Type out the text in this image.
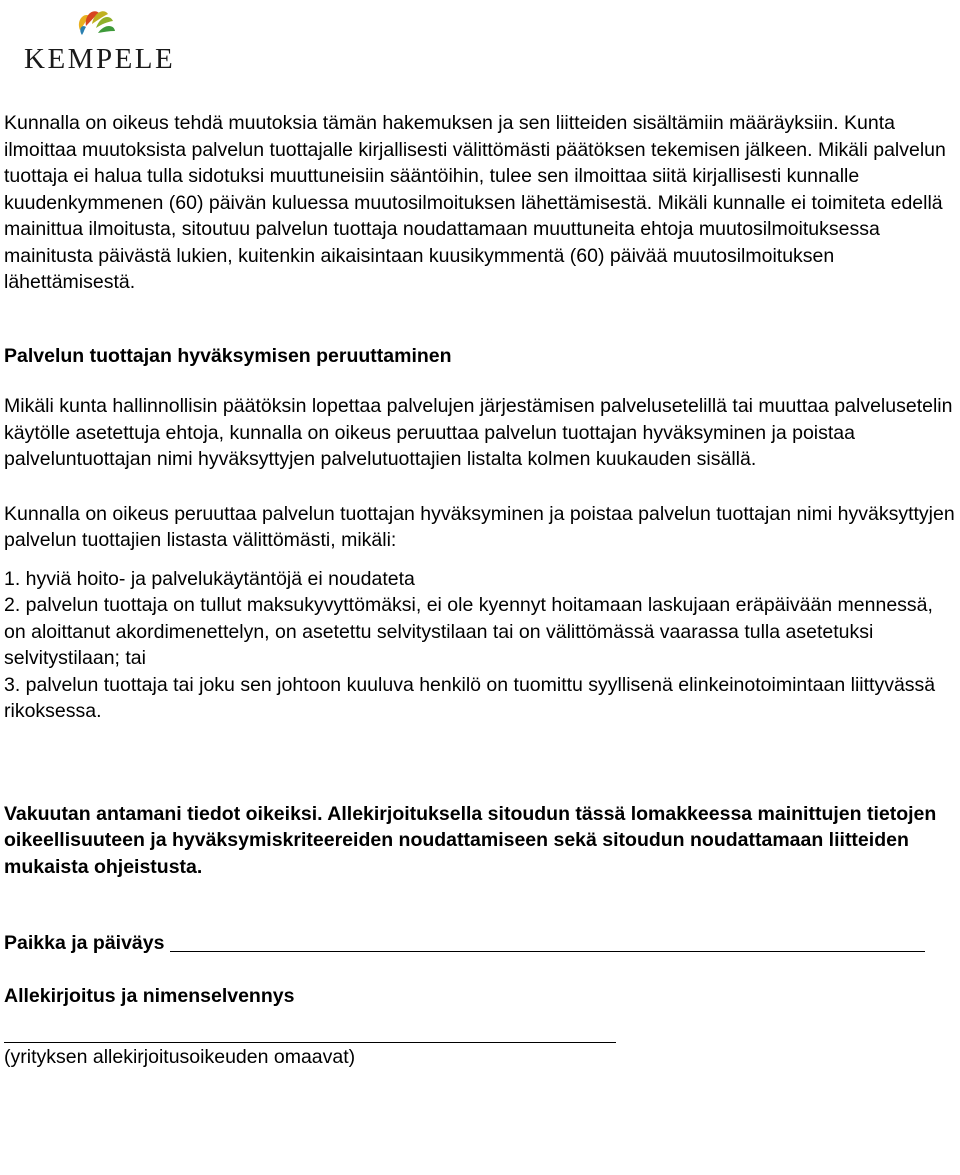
KEMPELE

Kunnalla on oikeus tehdä muutoksia tämän hakemuksen ja sen liitteiden sisältämiin määräyksiin. Kunta ilmoittaa muutoksista palvelun tuottajalle kirjallisesti välittömästi päätöksen tekemisen jälkeen. Mikäli palvelun tuottaja ei halua tulla sidotuksi muuttuneisiin sääntöihin, tulee sen ilmoittaa siitä kirjallisesti kunnalle kuudenkymmenen (60) päivän kuluessa muutosilmoituksen lähettämisestä. Mikäli kunnalle ei toimiteta edellä mainittua ilmoitusta, sitoutuu palvelun tuottaja noudattamaan muuttuneita ehtoja muutosilmoituksessa mainitusta päivästä lukien, kuitenkin aikaisintaan kuusikymmentä (60) päivää muutosilmoituksen lähettämisestä.

Palvelun tuottajan hyväksymisen peruuttaminen

Mikäli kunta hallinnollisin päätöksin lopettaa palvelujen järjestämisen palvelusetelillä tai muuttaa palvelusetelin käytölle asetettuja ehtoja, kunnalla on oikeus peruuttaa palvelun tuottajan hyväksyminen ja poistaa palveluntuottajan nimi hyväksyttyjen palvelutuottajien listalta kolmen kuukauden sisällä.

Kunnalla on oikeus peruuttaa palvelun tuottajan hyväksyminen ja poistaa palvelun tuottajan nimi hyväksyttyjen palvelun tuottajien listasta välittömästi, mikäli:

1. hyviä hoito- ja palvelukäytäntöjä ei noudateta

2. palvelun tuottaja on tullut maksukyvyttömäksi, ei ole kyennyt hoitamaan laskujaan eräpäivään mennessä, on aloittanut akordimenettelyn, on asetettu selvitystilaan tai on välittömässä vaarassa tulla asetetuksi selvitystilaan; tai

3. palvelun tuottaja tai joku sen johtoon kuuluva henkilö on tuomittu syyllisenä elinkeinotoimintaan liittyvässä rikoksessa.

Vakuutan antamani tiedot oikeiksi. Allekirjoituksella sitoudun tässä lomakkeessa mainittujen tietojen oikeellisuuteen ja hyväksymiskriteereiden noudattamiseen sekä sitoudun noudattamaan liitteiden mukaista ohjeistusta.

Paikka ja päiväys

Allekirjoitus ja nimenselvennys

(yrityksen allekirjoitusoikeuden omaavat)
